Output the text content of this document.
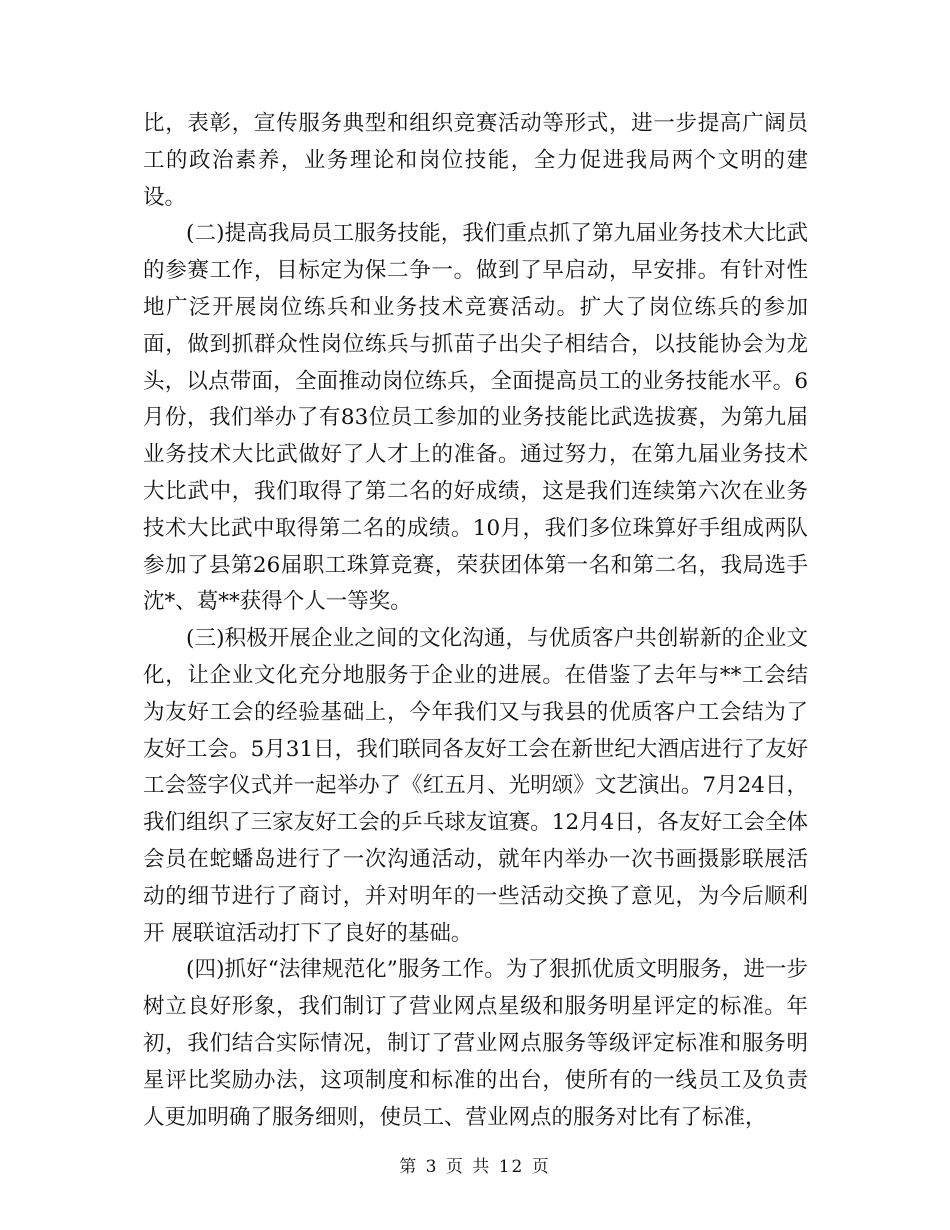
比，表彰，宣传服务典型和组织竞赛活动等形式，进一步提高广阔员工的政治素养，业务理论和岗位技能，全力促进我局两个文明的建设。

(二)提高我局员工服务技能，我们重点抓了第九届业务技术大比武的参赛工作，目标定为保二争一。做到了早启动，早安排。有针对性地广泛开展岗位练兵和业务技术竞赛活动。扩大了岗位练兵的参加面，做到抓群众性岗位练兵与抓苗子出尖子相结合，以技能协会为龙头，以点带面，全面推动岗位练兵，全面提高员工的业务技能水平。6月份，我们举办了有83位员工参加的业务技能比武选拔赛，为第九届业务技术大比武做好了人才上的准备。通过努力，在第九届业务技术大比武中，我们取得了第二名的好成绩，这是我们连续第六次在业务技术大比武中取得第二名的成绩。10月，我们多位珠算好手组成两队参加了县第26届职工珠算竞赛，荣获团体第一名和第二名，我局选手沈*、葛**获得个人一等奖。

(三)积极开展企业之间的文化沟通，与优质客户共创崭新的企业文化，让企业文化充分地服务于企业的进展。在借鉴了去年与**工会结为友好工会的经验基础上，今年我们又与我县的优质客户工会结为了友好工会。5月31日，我们联同各友好工会在新世纪大酒店进行了友好工会签字仪式并一起举办了《红五月、光明颂》文艺演出。7月24日，我们组织了三家友好工会的乒乓球友谊赛。12月4日，各友好工会全体会员在蛇蟠岛进行了一次沟通活动，就年内举办一次书画摄影联展活动的细节进行了商讨，并对明年的一些活动交换了意见，为今后顺利开 展联谊活动打下了良好的基础。

(四)抓好“法律规范化”服务工作。为了狠抓优质文明服务，进一步树立良好形象，我们制订了营业网点星级和服务明星评定的标准。年初，我们结合实际情况，制订了营业网点服务等级评定标准和服务明星评比奖励办法，这项制度和标准的出台，使所有的一线员工及负责人更加明确了服务细则，使员工、营业网点的服务对比有了标准，

第 3 页 共 12 页
